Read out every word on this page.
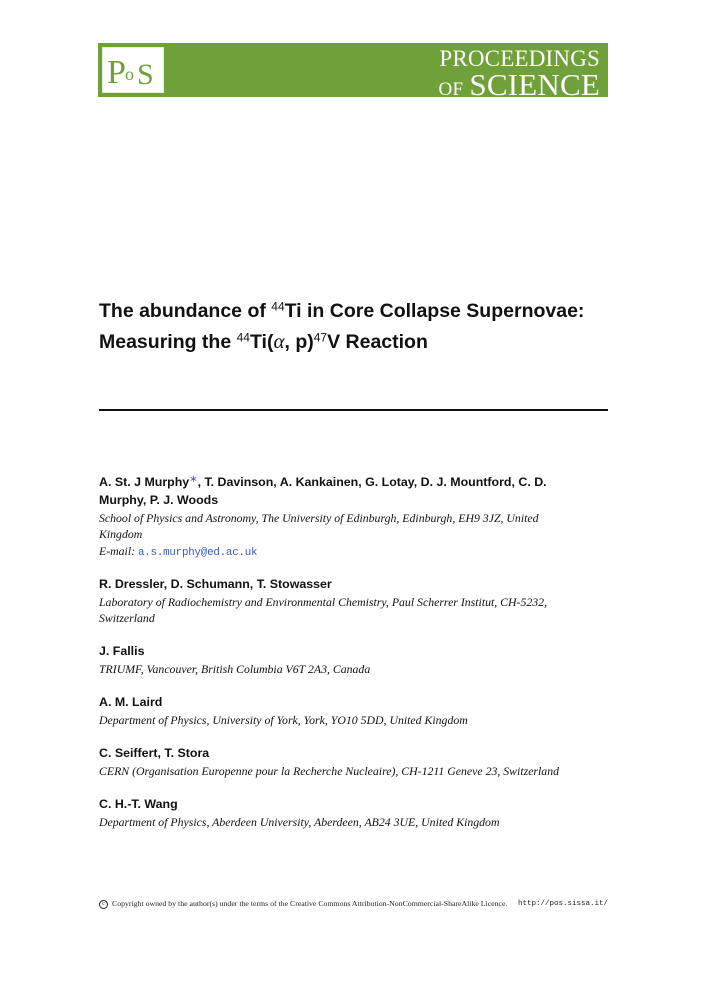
P o S	PROCEEDINGS
OF SCIENCE
The abundance of $^{44}$Ti in Core Collapse Supernovae:
Measuring the $^{44}$Ti(α, p)$^{47}$V Reaction
A. St. J Murphy∗, T. Davinson, A. Kankainen, G. Lotay, D. J. Mountford, C. D. Murphy, P. J. Woods
School of Physics and Astronomy, The University of Edinburgh, Edinburgh, EH9 3JZ, United Kingdom
E-mail: a.s.murphy@ed.ac.uk
R. Dressler, D. Schumann, T. Stowasser
Laboratory of Radiochemistry and Environmental Chemistry, Paul Scherrer Institut, CH-5232, Switzerland
J. Fallis
TRIUMF, Vancouver, British Columbia V6T 2A3, Canada
A. M. Laird
Department of Physics, University of York, York, YO10 5DD, United Kingdom
C. Seiffert, T. Stora
CERN (Organisation Europenne pour la Recherche Nucleaire), CH-1211 Geneve 23, Switzerland
C. H.-T. Wang
Department of Physics, Aberdeen University, Aberdeen, AB24 3UE, United Kingdom
c Copyright owned by the author(s) under the terms of the Creative Commons Attribution-NonCommercial-ShareAlike Licence. http://pos.sissa.it/
